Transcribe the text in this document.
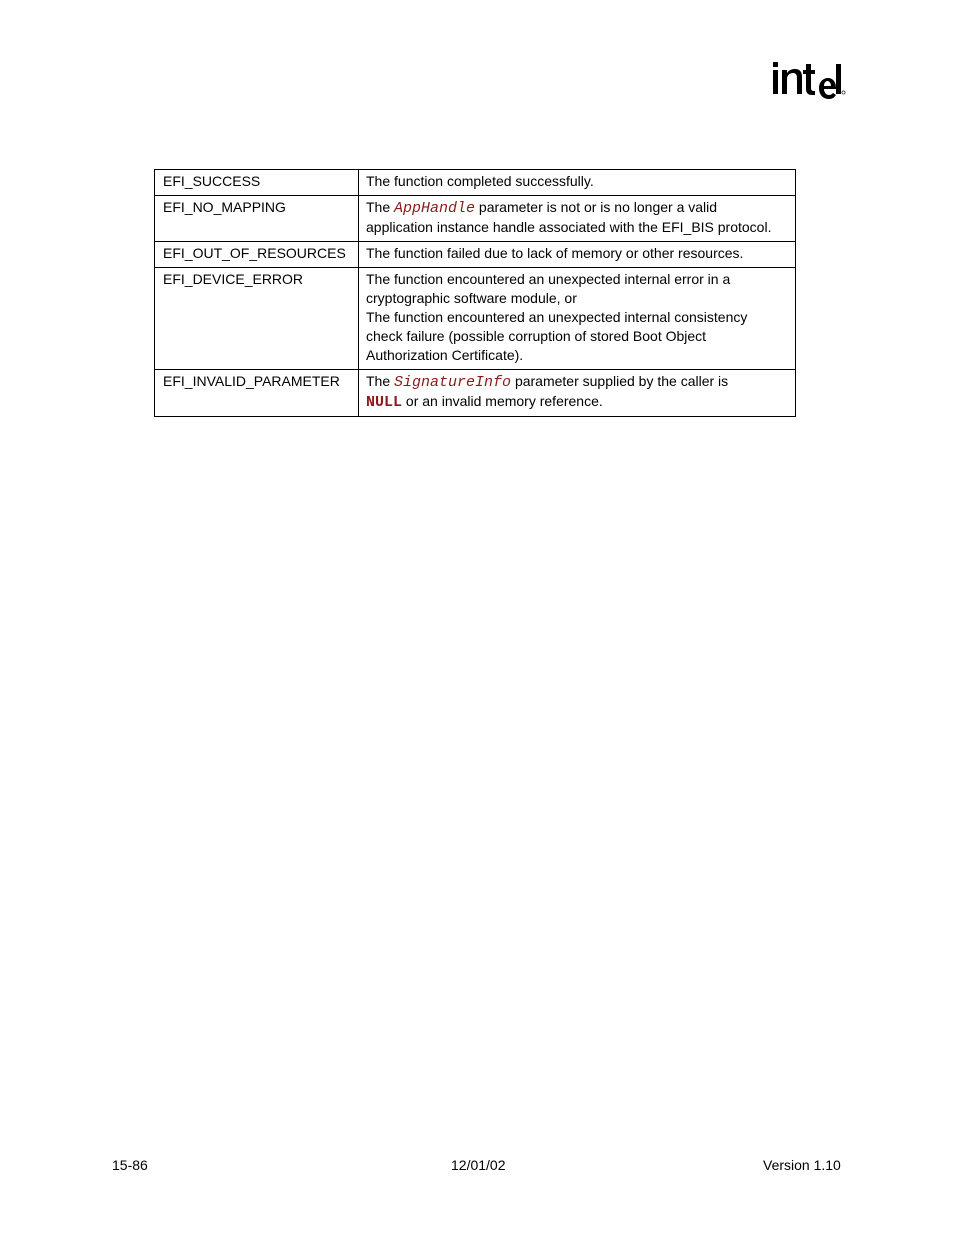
EFI_SUCCESS	The function completed successfully.
EFI_NO_MAPPING	The AppHandle parameter is not or is no longer a valid
application instance handle associated with the EFI_BIS protocol.
EFI_OUT_OF_RESOURCES	The function failed due to lack of memory or other resources.
EFI_DEVICE_ERROR	The function encountered an unexpected internal error in a
cryptographic software module, or
The function encountered an unexpected internal consistency
check failure (possible corruption of stored Boot Object
Authorization Certificate).
EFI_INVALID_PARAMETER	The SignatureInfo parameter supplied by the caller is
NULL or an invalid memory reference.
15-86	12/01/02	Version 1.10
